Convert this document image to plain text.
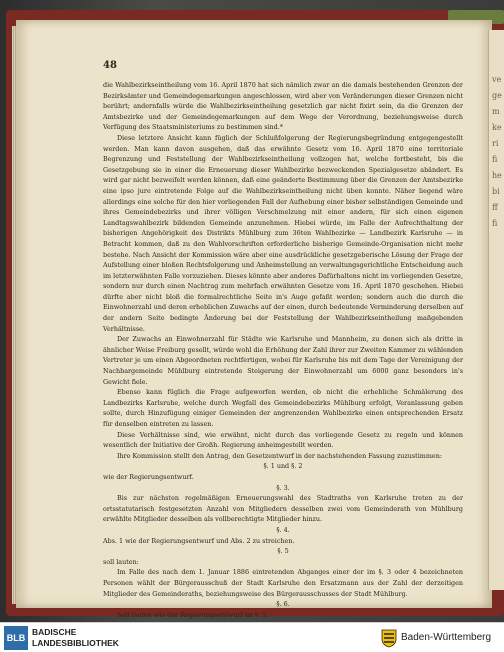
ve
ge
m
ke
ri
fi
he
bi
ff
fi
48

die Wahlbezirkseintheilung vom 16. April 1870 hat sich nämlich zwar an die damals bestehenden Grenzen der Bezirksämter und Gemeindegemarkungen angeschlossen, wird aber von Veränderungen dieser Grenzen nicht berührt; andernfalls würde die Wahlbezirkseintheilung gesetzlich gar nicht fixirt sein, da die Grenzen der Amtsbezirke und der Gemeindegemarkungen auf dem Wege der Verordnung, beziehungsweise durch Verfügung des Staatsministeriums zu bestimmen sind.*

Diese letztere Ansicht kann füglich der Schlußfolgerung der Regierungsbegründung entgegengestellt werden. Man kann davon ausgehen, daß das erwähnte Gesetz vom 16. April 1870 eine territoriale Begrenzung und Feststellung der Wahlbezirkseintheilung vollzogen hat, welche fortbesteht, bis die Gesetzgebung sie in einer die Erneuerung dieser Wahlbezirke bezweckenden Spezialgesetze abändert. Es wird gar nicht bezweifelt werden können, daß eine geänderte Bestimmung über die Grenzen der Amtsbezirke eine ipso jure eintretende Folge auf die Wahlbezirkseintheilung nicht üben konnte. Näher liegend wäre allerdings eine solche für den hier vorliegenden Fall der Aufhebung einer bisher selbständigen Gemeinde und ihres Gemeindebezirks und ihrer völligen Verschmelzung mit einer andern, für sich einen eigenen Landtagswahlbezirk bildenden Gemeinde anzunehmen. Hiebei würde, im Falle der Aufrechthaltung der bisherigen Angehörigkeit des Distrikts Mühlburg zum 36ten Wahlbezirke — Landbezirk Karlsruhe — in Betracht kommen, daß zu den Wahlvorschriften erforderliche bisherige Gemeinde-Organisation nicht mehr bestehe. Nach Ansicht der Kommission wäre aber eine ausdrückliche gesetzgeberische Lösung der Frage der Aufstellung einer bloßen Rechtsfolgerung und Anheimstellung an verwaltungsgerichtliche Entscheidung auch im letzterwähnten Falle vorzuziehen. Dieses könnte aber anderes Dafürhaltens nicht im vorliegenden Gesetze, sondern nur durch einen Nachtrag zum mehrfach erwähnten Gesetze vom 16. April 1870 geschehen. Hiebei dürfte aber nicht bloß die formalrechtliche Seite in's Auge gefaßt werden; sondern auch die durch die Einwohnerzahl und deren erheblichen Zuwachs auf der einen, durch bedeutende Verminderung derselben auf der andern Seite bedingte Änderung bei der Feststellung der Wahlbezirkseintheilung maßgebenden Verhältnisse.

Der Zuwachs an Einwohnerzahl für Städte wie Karlsruhe und Mannheim, zu denen sich als dritte in ähnlicher Weise Freiburg gesellt, würde wohl die Erhöhung der Zahl ihrer zur Zweiten Kammer zu wählenden Vertreter je um einen Abgeordneten rechtfertigen, wobei für Karlsruhe bis mit dem Tage der Vereinigung der Nachbargemeinde Mühlburg eintretende Steigerung der Einwohnerzahl um 6000 ganz besonders in's Gewicht fiele.

Ebenso kann füglich die Frage aufgeworfen werden, ob nicht die erhebliche Schmälerung des Landbezirks Karlsruhe, welche durch Wegfall des Gemeindebezirks Mühlburg erfolgt, Veranlassung geben sollte, durch Hinzufügung einiger Gemeinden der angrenzenden Wahlbezirke einen entsprechenden Ersatz für denselben eintreten zu lassen.

Diese Verhältnisse sind, wie erwähnt, nicht durch das vorliegende Gesetz zu regeln und können wesentlich der Initiative der Großh. Regierung anheimgestellt werden.

Ihre Kommission stellt den Antrag, den Gesetzentwurf in der nachstehenden Fassung zuzustimmen:

§. 1 und §. 2

wie der Regierungsentwurf.

§. 3.

Bis zur nächsten regelmäßigen Erneuerungswahl des Stadtraths von Karlsruhe treten zu der ortsstatutarisch festgesetzten Anzahl von Mitgliedern desselben zwei vom Gemeinderath von Mühlburg erwählte Mitglieder desselben als vollberechtigte Mitglieder hinzu.

§. 4.

Abs. 1 wie der Regierungsentwurf und Abs. 2 zu streichen.

§. 5

soll lauten:

Im Falle des nach dem 1. Januar 1886 eintretenden Abganges einer der im §. 3 oder 4 bezeichneten Personen wählt der Bürgerausschuß der Stadt Karlsruhe den Ersatzmann aus der Zahl der derzeitigen Mitglieder des Gemeinderaths, beziehungsweise des Bürgerausschusses der Stadt Mühlburg.

§. 6.

Soll lauten wie der Regierungsentwurf im §. 5.

BLB
BADISCHE
LANDESBIBLIOTHEK	Baden-Württemberg
